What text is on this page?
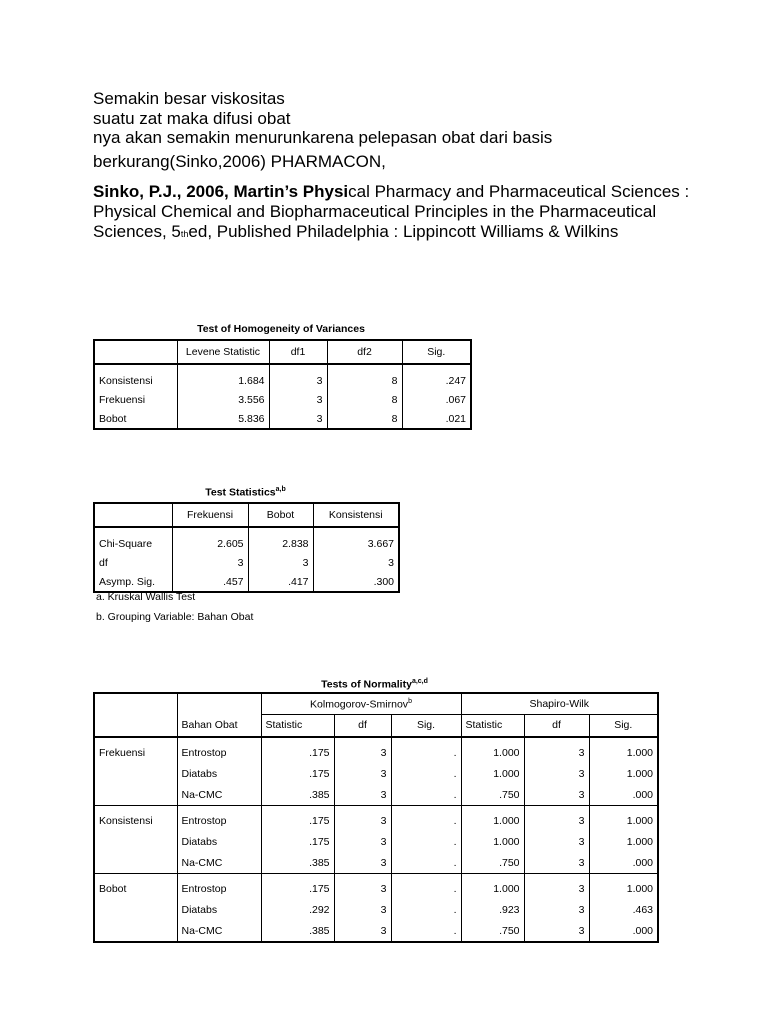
Semakin besar viskositas
suatu zat maka difusi obat
nya akan semakin menurunkarena pelepasan obat dari basis
berkurang(Sinko,2006) PHARMACON,
Sinko, P.J., 2006, Martin’s Physical Pharmacy and Pharmaceutical Sciences : Physical Chemical and Biopharmaceutical Principles in the Pharmaceutical Sciences, 5thed, Published Philadelphia : Lippincott Williams & Wilkins
Test of Homogeneity of Variances
	Levene Statistic	df1	df2	Sig.
Konsistensi	1.684	3	8	.247
Frekuensi	3.556	3	8	.067
Bobot	5.836	3	8	.021
Test Statistics$^{a,b}$
	Frekuensi	Bobot	Konsistensi
Chi-Square	2.605	2.838	3.667
df	3	3	3
Asymp. Sig.	.457	.417	.300
a. Kruskal Wallis Test
b. Grouping Variable: Bahan Obat
Tests of Normality$^{a,c,d}$
		Kolmogorov-Smirnov$^b$			Shapiro-Wilk		
	Bahan Obat	Statistic	df	Sig.	Statistic	df	Sig.
Frekuensi	Entrostop	.175	3	.	1.000	3	1.000
	Diatabs	.175	3	.	1.000	3	1.000
	Na-CMC	.385	3	.	.750	3	.000
Konsistensi	Entrostop	.175	3	.	1.000	3	1.000
	Diatabs	.175	3	.	1.000	3	1.000
	Na-CMC	.385	3	.	.750	3	.000
Bobot	Entrostop	.175	3	.	1.000	3	1.000
	Diatabs	.292	3	.	.923	3	.463
	Na-CMC	.385	3	.	.750	3	.000
